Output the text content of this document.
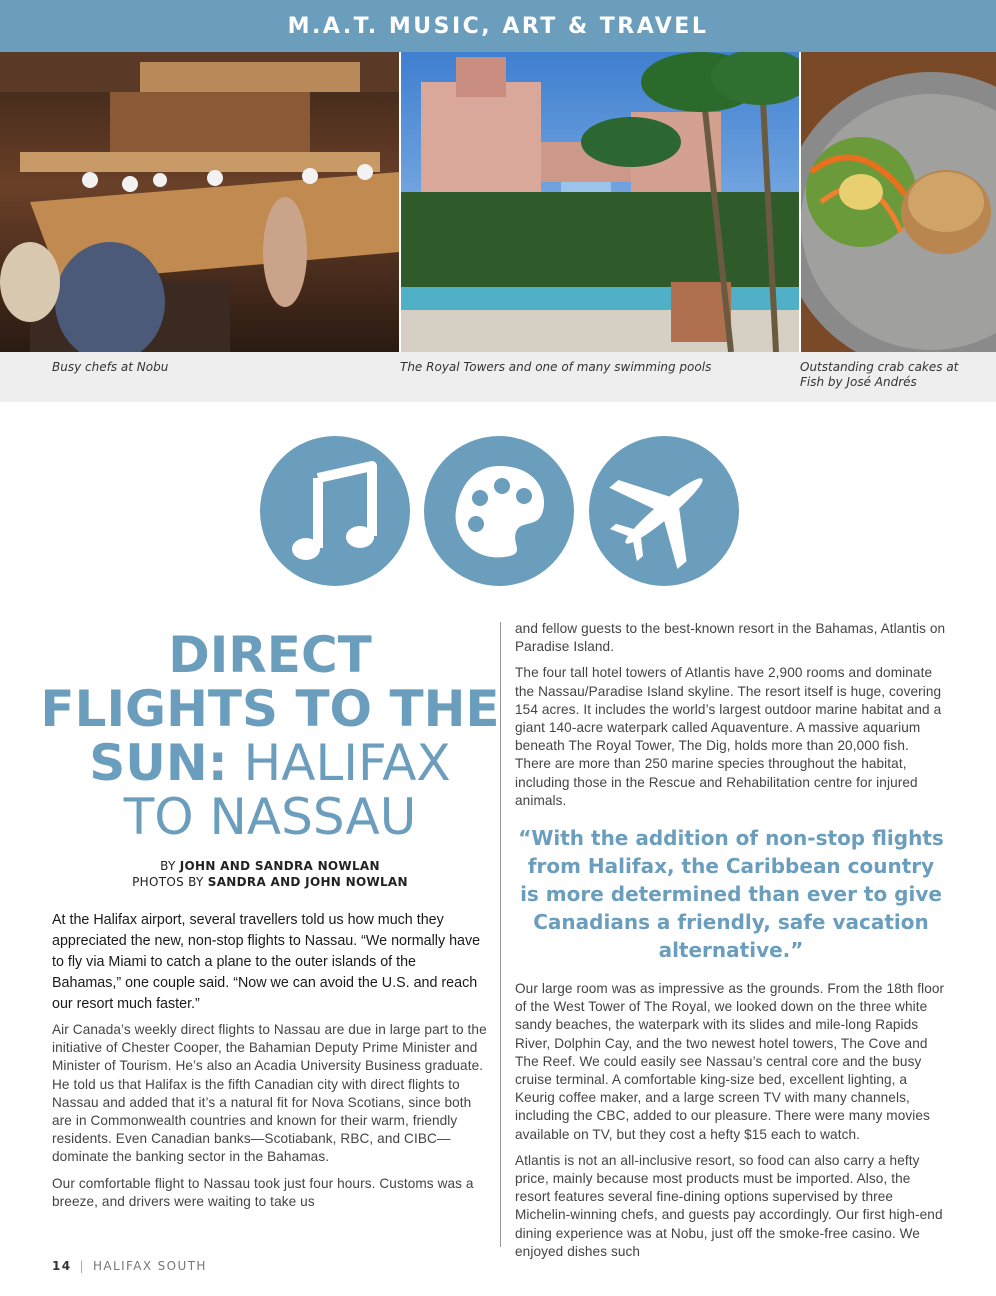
M.A.T. MUSIC, ART & TRAVEL
Busy chefs at Nobu	The Royal Towers and one of many swimming pools	Outstanding crab cakes at Fish by José Andrés
DIRECT
FLIGHTS TO THE
SUN: HALIFAX
TO NASSAU
BY JOHN AND SANDRA NOWLAN
PHOTOS BY SANDRA AND JOHN NOWLAN

At the Halifax airport, several travellers told us how much they appreciated the new, non-stop flights to Nassau. “We normally have to fly via Miami to catch a plane to the outer islands of the Bahamas,” one couple said. “Now we can avoid the U.S. and reach our resort much faster.”

Air Canada’s weekly direct flights to Nassau are due in large part to the initiative of Chester Cooper, the Bahamian Deputy Prime Minister and Minister of Tourism. He’s also an Acadia University Business graduate. He told us that Halifax is the fifth Canadian city with direct flights to Nassau and added that it’s a natural fit for Nova Scotians, since both are in Commonwealth countries and known for their warm, friendly residents. Even Canadian banks—Scotiabank, RBC, and CIBC—dominate the banking sector in the Bahamas.

Our comfortable flight to Nassau took just four hours. Customs was a breeze, and drivers were waiting to take us

and fellow guests to the best-known resort in the Bahamas, Atlantis on Paradise Island.

The four tall hotel towers of Atlantis have 2,900 rooms and dominate the Nassau/Paradise Island skyline. The resort itself is huge, covering 154 acres. It includes the world’s largest outdoor marine habitat and a giant 140-acre waterpark called Aquaventure. A massive aquarium beneath The Royal Tower, The Dig, holds more than 20,000 fish. There are more than 250 marine species throughout the habitat, including those in the Rescue and Rehabilitation centre for injured animals.

“With the addition of non-stop flights from Halifax, the Caribbean country is more determined than ever to give Canadians a friendly, safe vacation alternative.”

Our large room was as impressive as the grounds. From the 18th floor of the West Tower of The Royal, we looked down on the three white sandy beaches, the waterpark with its slides and mile-long Rapids River, Dolphin Cay, and the two newest hotel towers, The Cove and The Reef. We could easily see Nassau’s central core and the busy cruise terminal. A comfortable king-size bed, excellent lighting, a Keurig coffee maker, and a large screen TV with many channels, including the CBC, added to our pleasure. There were many movies available on TV, but they cost a hefty $15 each to watch.

Atlantis is not an all-inclusive resort, so food can also carry a hefty price, mainly because most products must be imported. Also, the resort features several fine-dining options supervised by three Michelin-winning chefs, and guests pay accordingly. Our first high-end dining experience was at Nobu, just off the smoke-free casino. We enjoyed dishes such

14 | HALIFAX SOUTH
